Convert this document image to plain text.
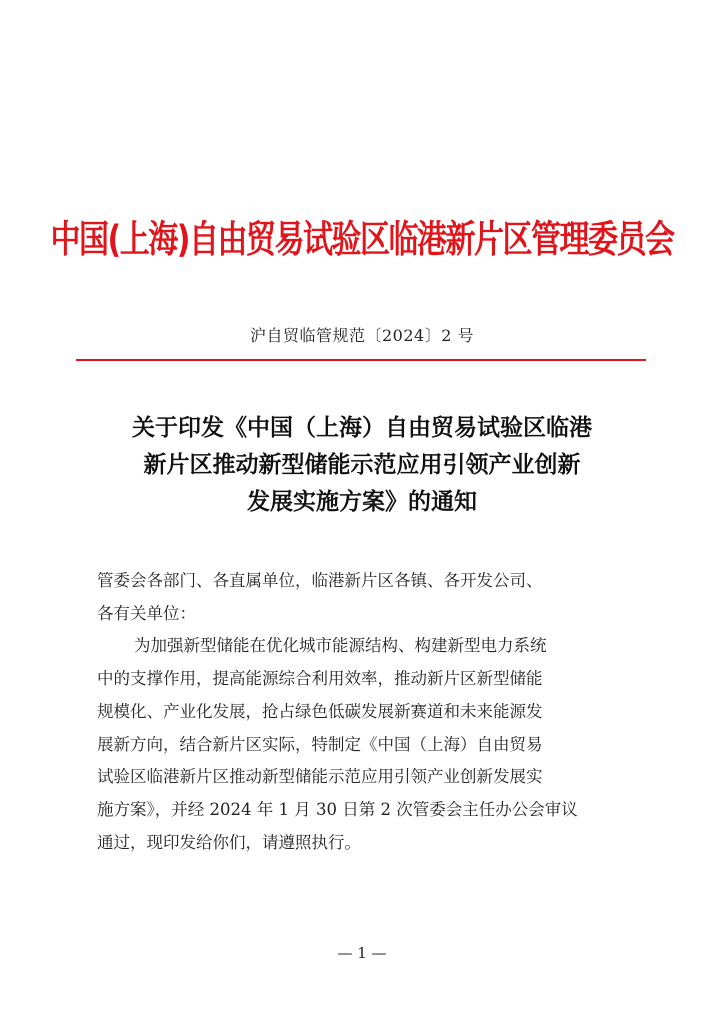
中国(上海)自由贸易试验区临港新片区管理委员会
沪自贸临管规范〔2024〕2 号
关于印发《中国（上海）自由贸易试验区临港
新片区推动新型储能示范应用引领产业创新
发展实施方案》的通知
管委会各部门、各直属单位，临港新片区各镇、各开发公司、
各有关单位：
为加强新型储能在优化城市能源结构、构建新型电力系统
中的支撑作用，提高能源综合利用效率，推动新片区新型储能
规模化、产业化发展，抢占绿色低碳发展新赛道和未来能源发
展新方向，结合新片区实际，特制定《中国（上海）自由贸易
试验区临港新片区推动新型储能示范应用引领产业创新发展实
施方案》，并经 2024 年 1 月 30 日第 2 次管委会主任办公会审议
通过，现印发给你们，请遵照执行。
— 1 —
